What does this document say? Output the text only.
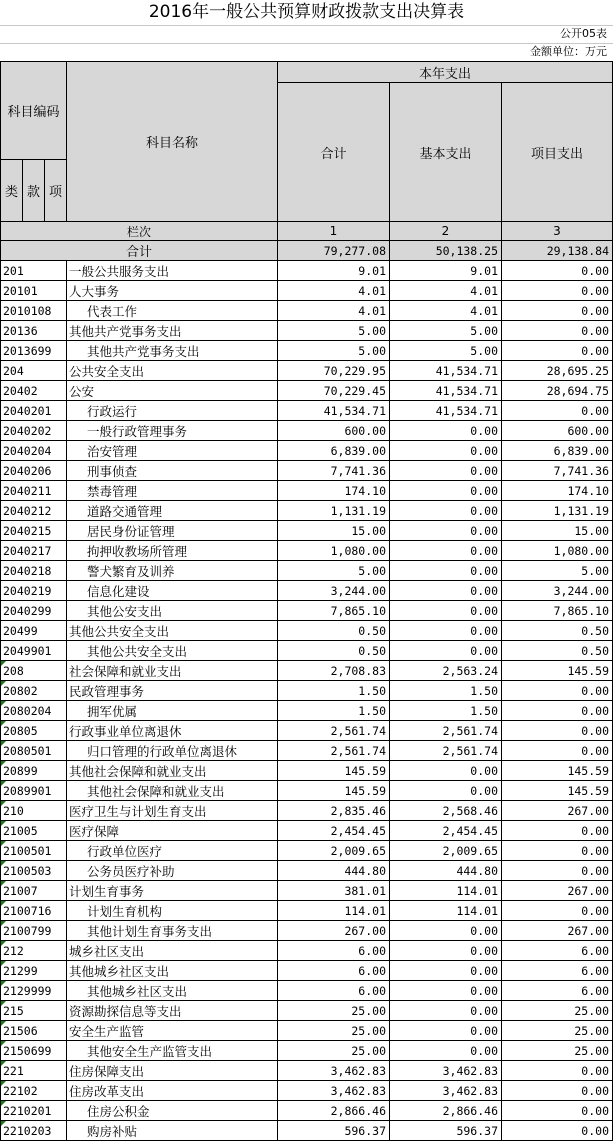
2016年一般公共预算财政拨款支出决算表
公开05表
金额单位：万元
科目编码			科目名称	本年支出		
				合计	基本支出	项目支出
类	款	项				
栏次				1	2	3
合计				79,277.08	50,138.25	29,138.84
201			一般公共服务支出	9.01	9.01	0.00
20101			人大事务	4.01	4.01	0.00
2010108			代表工作	4.01	4.01	0.00
20136			其他共产党事务支出	5.00	5.00	0.00
2013699			其他共产党事务支出	5.00	5.00	0.00
204			公共安全支出	70,229.95	41,534.71	28,695.25
20402			公安	70,229.45	41,534.71	28,694.75
2040201			行政运行	41,534.71	41,534.71	0.00
2040202			一般行政管理事务	600.00	0.00	600.00
2040204			治安管理	6,839.00	0.00	6,839.00
2040206			刑事侦查	7,741.36	0.00	7,741.36
2040211			禁毒管理	174.10	0.00	174.10
2040212			道路交通管理	1,131.19	0.00	1,131.19
2040215			居民身份证管理	15.00	0.00	15.00
2040217			拘押收教场所管理	1,080.00	0.00	1,080.00
2040218			警犬繁育及训养	5.00	0.00	5.00
2040219			信息化建设	3,244.00	0.00	3,244.00
2040299			其他公安支出	7,865.10	0.00	7,865.10
20499			其他公共安全支出	0.50	0.00	0.50
2049901			其他公共安全支出	0.50	0.00	0.50

208			社会保障和就业支出	2,708.83	2,563.24	145.59

20802			民政管理事务	1.50	1.50	0.00

2080204			拥军优属	1.50	1.50	0.00

20805			行政事业单位离退休	2,561.74	2,561.74	0.00

2080501			归口管理的行政单位离退休	2,561.74	2,561.74	0.00

20899			其他社会保障和就业支出	145.59	0.00	145.59

2089901			其他社会保障和就业支出	145.59	0.00	145.59

210			医疗卫生与计划生育支出	2,835.46	2,568.46	267.00

21005			医疗保障	2,454.45	2,454.45	0.00

2100501			行政单位医疗	2,009.65	2,009.65	0.00

2100503			公务员医疗补助	444.80	444.80	0.00

21007			计划生育事务	381.01	114.01	267.00

2100716			计划生育机构	114.01	114.01	0.00

2100799			其他计划生育事务支出	267.00	0.00	267.00

212			城乡社区支出	6.00	0.00	6.00

21299			其他城乡社区支出	6.00	0.00	6.00

2129999			其他城乡社区支出	6.00	0.00	6.00

215			资源勘探信息等支出	25.00	0.00	25.00

21506			安全生产监管	25.00	0.00	25.00

2150699			其他安全生产监管支出	25.00	0.00	25.00

221			住房保障支出	3,462.83	3,462.83	0.00

22102			住房改革支出	3,462.83	3,462.83	0.00

2210201			住房公积金	2,866.46	2,866.46	0.00

2210203			购房补贴	596.37	596.37	0.00
